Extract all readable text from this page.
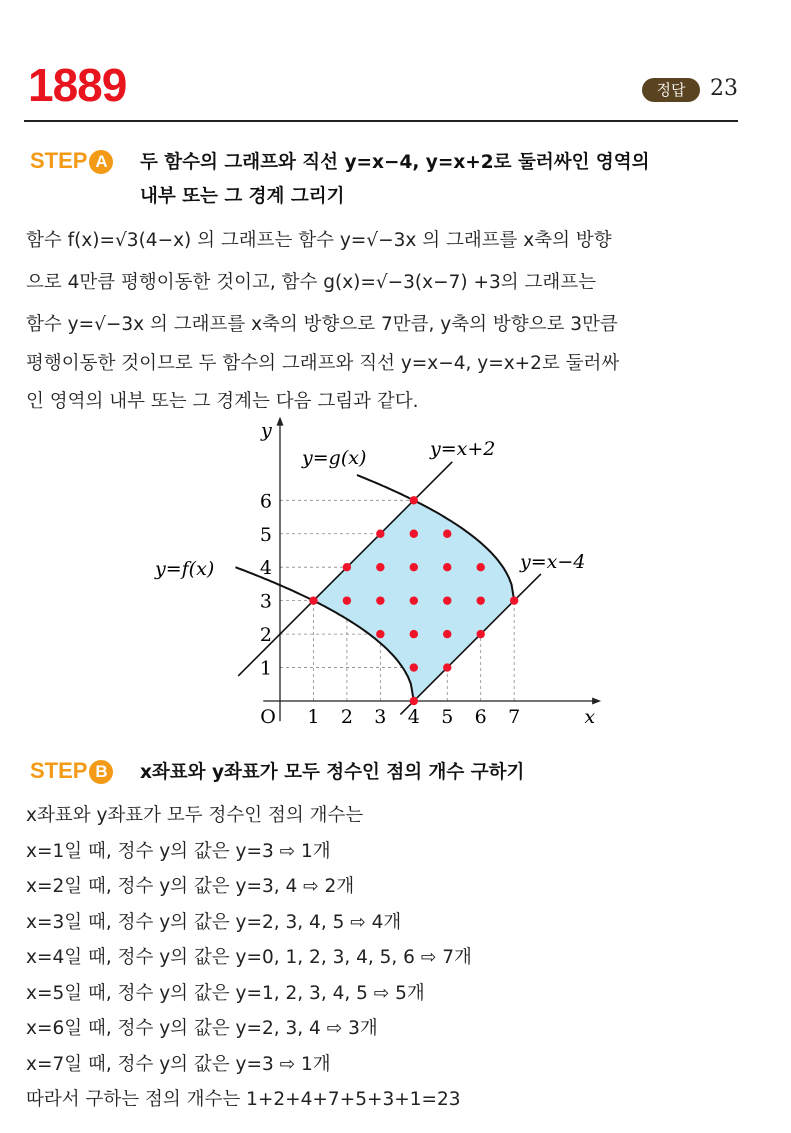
1889	정답	23
STEP A	두 함수의 그래프와 직선 y=x−4, y=x+2로 둘러싸인 영역의
내부 또는 그 경계 그리기
함수 f(x)=√3(4−x) 의 그래프는 함수 y=√−3x 의 그래프를 x축의 방향
으로 4만큼 평행이동한 것이고, 함수 g(x)=√−3(x−7) +3의 그래프는
함수 y=√−3x 의 그래프를 x축의 방향으로 7만큼, y축의 방향으로 3만큼
평행이동한 것이므로 두 함수의 그래프와 직선 y=x−4, y=x+2로 둘러싸
인 영역의 내부 또는 그 경계는 다음 그림과 같다.
1 2 3 4 5 6 7
1
2
3
4
5
6
O	x
y
y=f(x)
y=g(x)	y=x+2
y=x−4
STEP B	x좌표와 y좌표가 모두 정수인 점의 개수 구하기
x좌표와 y좌표가 모두 정수인 점의 개수는
x=1일 때, 정수 y의 값은 y=3 ⇨ 1개
x=2일 때, 정수 y의 값은 y=3, 4 ⇨ 2개
x=3일 때, 정수 y의 값은 y=2, 3, 4, 5 ⇨ 4개
x=4일 때, 정수 y의 값은 y=0, 1, 2, 3, 4, 5, 6 ⇨ 7개
x=5일 때, 정수 y의 값은 y=1, 2, 3, 4, 5 ⇨ 5개
x=6일 때, 정수 y의 값은 y=2, 3, 4 ⇨ 3개
x=7일 때, 정수 y의 값은 y=3 ⇨ 1개
따라서 구하는 점의 개수는 1+2+4+7+5+3+1=23
